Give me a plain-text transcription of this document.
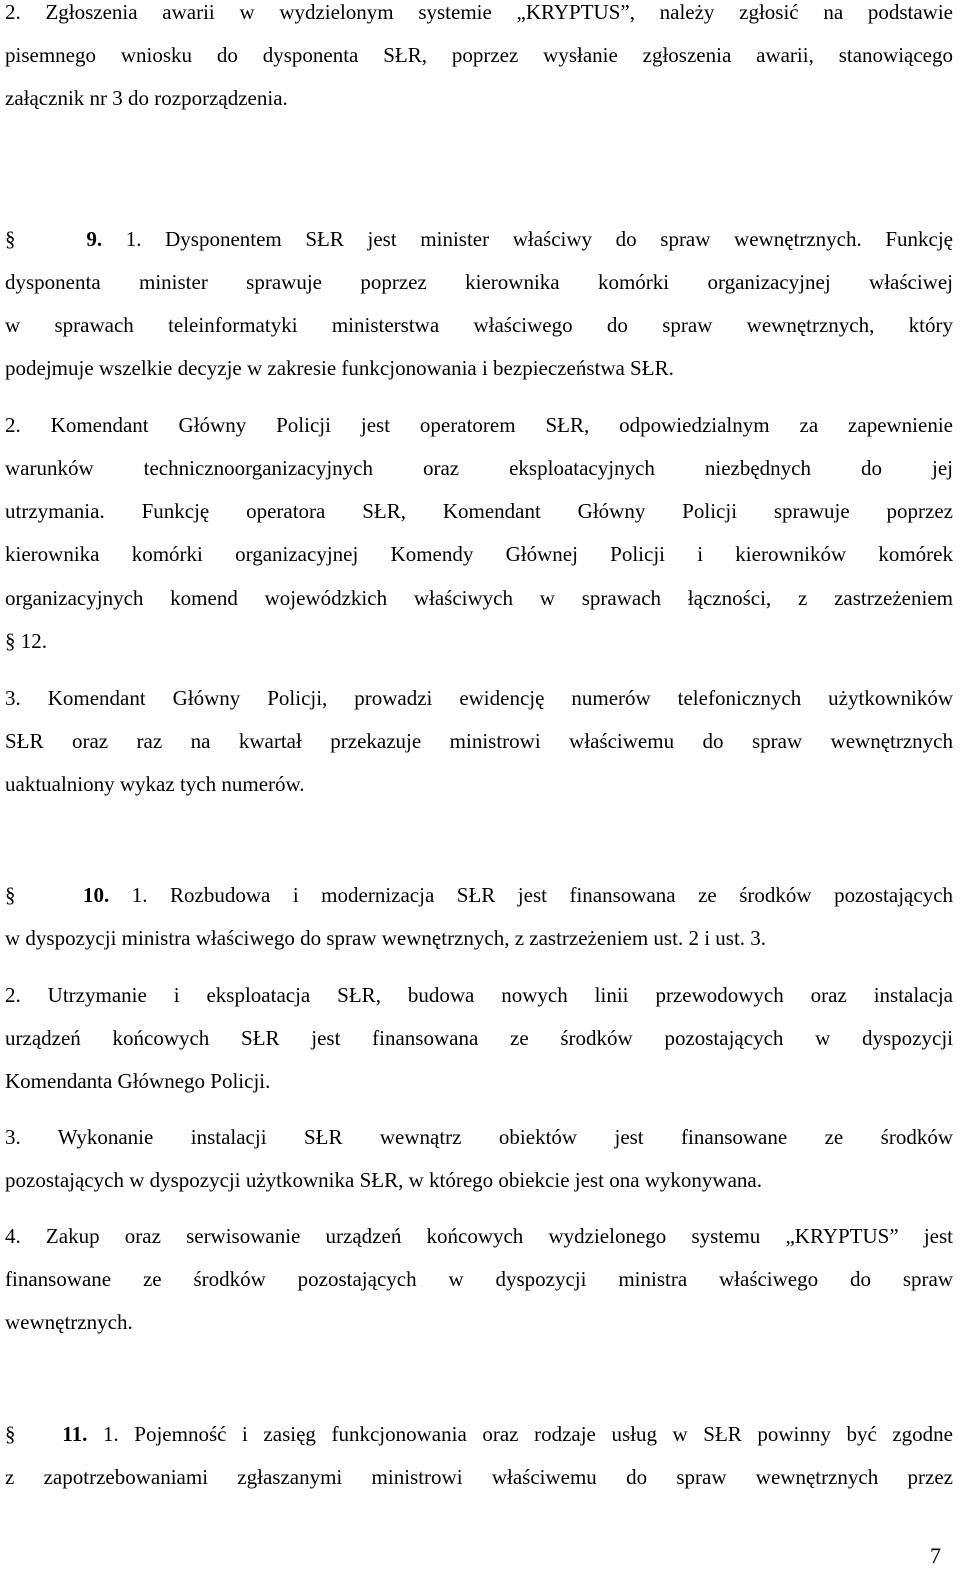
2. Zgłoszenia awarii w wydzielonym systemie „KRYPTUS”, należy zgłosić na podstawie
pisemnego wniosku do dysponenta SŁR, poprzez wysłanie zgłoszenia awarii, stanowiącego
załącznik nr 3 do rozporządzenia.
§	9. 1. Dysponentem SŁR jest minister właściwy do spraw wewnętrznych. Funkcję
dysponenta minister sprawuje poprzez kierownika komórki organizacyjnej właściwej
w sprawach teleinformatyki ministerstwa właściwego do spraw wewnętrznych, który
podejmuje wszelkie decyzje w zakresie funkcjonowania i bezpieczeństwa SŁR.
2. Komendant Główny Policji jest operatorem SŁR, odpowiedzialnym za zapewnienie
warunków technicznoorganizacyjnych oraz eksploatacyjnych niezbędnych do jej
utrzymania. Funkcję operatora SŁR, Komendant Główny Policji sprawuje poprzez
kierownika komórki organizacyjnej Komendy Głównej Policji i kierowników komórek
organizacyjnych komend wojewódzkich właściwych w sprawach łączności, z zastrzeżeniem
§ 12.
3. Komendant Główny Policji, prowadzi ewidencję numerów telefonicznych użytkowników
SŁR oraz raz na kwartał przekazuje ministrowi właściwemu do spraw wewnętrznych
uaktualniony wykaz tych numerów.
§	10. 1. Rozbudowa i modernizacja SŁR jest finansowana ze środków pozostających
w dyspozycji ministra właściwego do spraw wewnętrznych, z zastrzeżeniem ust. 2 i ust. 3.
2. Utrzymanie i eksploatacja SŁR, budowa nowych linii przewodowych oraz instalacja
urządzeń końcowych SŁR jest finansowana ze środków pozostających w dyspozycji
Komendanta Głównego Policji.
3. Wykonanie instalacji SŁR wewnątrz obiektów jest finansowane ze środków
pozostających w dyspozycji użytkownika SŁR, w którego obiekcie jest ona wykonywana.
4. Zakup oraz serwisowanie urządzeń końcowych wydzielonego systemu „KRYPTUS” jest
finansowane ze środków pozostających w dyspozycji ministra właściwego do spraw
wewnętrznych.
§ 11. 1. Pojemność i zasięg funkcjonowania oraz rodzaje usług w SŁR powinny być zgodne
z zapotrzebowaniami zgłaszanymi ministrowi właściwemu do spraw wewnętrznych przez
7
